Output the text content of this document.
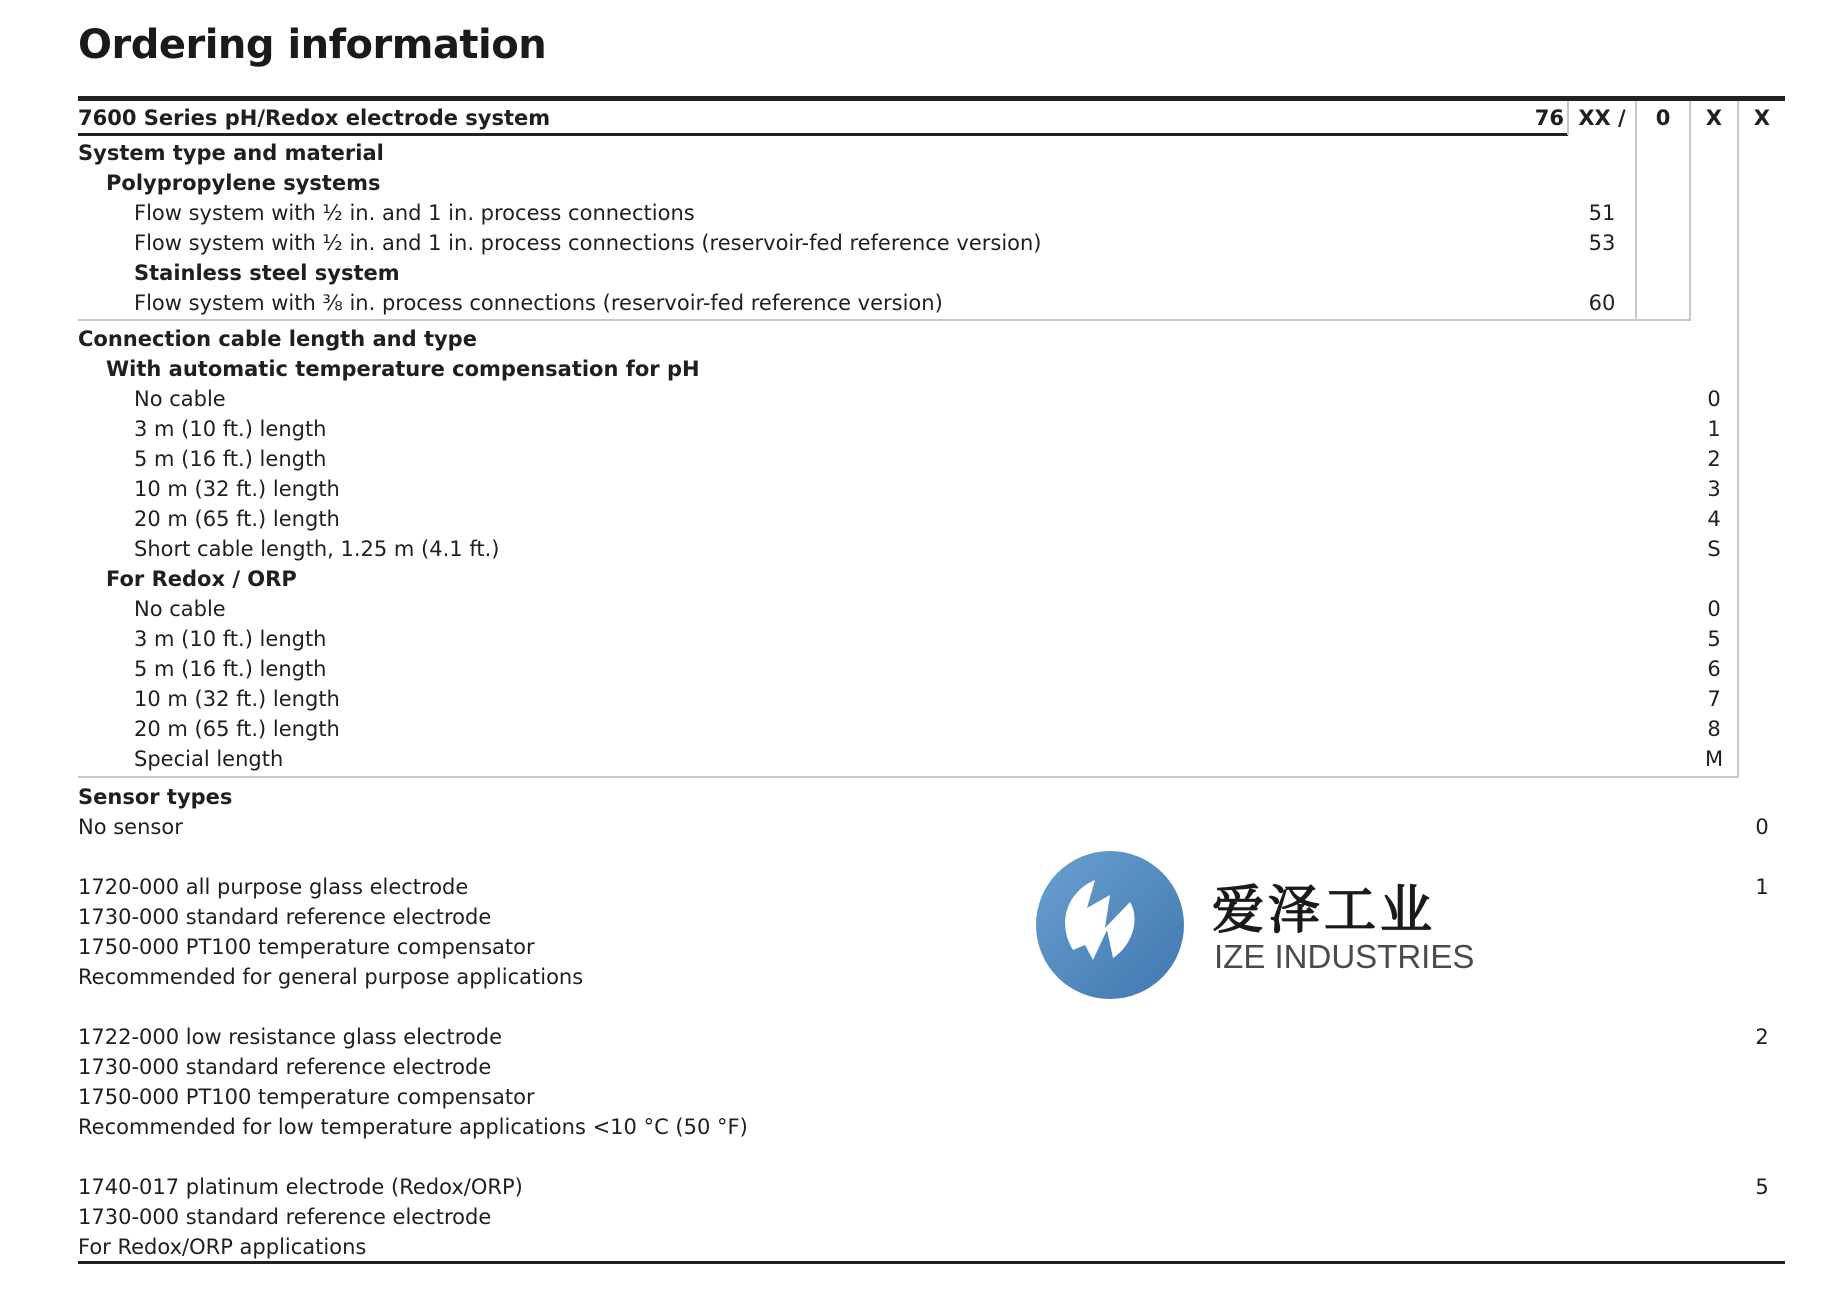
Ordering information
7600 Series pH/Redox electrode system	76 XX /	0	X	X
System type and material
Polypropylene systems
Flow system with ½ in. and 1 in. process connections	51
Flow system with ½ in. and 1 in. process connections (reservoir-fed reference version)	53
Stainless steel system
Flow system with ⅜ in. process connections (reservoir-fed reference version)	60
Connection cable length and type
With automatic temperature compensation for pH
No cable	0
3 m (10 ft.) length	1
5 m (16 ft.) length	2
10 m (32 ft.) length	3
20 m (65 ft.) length	4
Short cable length, 1.25 m (4.1 ft.)	S
For Redox / ORP
No cable	0
3 m (10 ft.) length	5
5 m (16 ft.) length	6
10 m (32 ft.) length	7
20 m (65 ft.) length	8
Special length	M
Sensor types
No sensor	0
1720-000 all purpose glass electrode	1
1730-000 standard reference electrode
1750-000 PT100 temperature compensator
Recommended for general purpose applications
1722-000 low resistance glass electrode	2
1730-000 standard reference electrode
1750-000 PT100 temperature compensator
Recommended for low temperature applications <10 °C (50 °F)
1740-017 platinum electrode (Redox/ORP)	5
1730-000 standard reference electrode
For Redox/ORP applications
爱泽工业
IZE INDUSTRIES
